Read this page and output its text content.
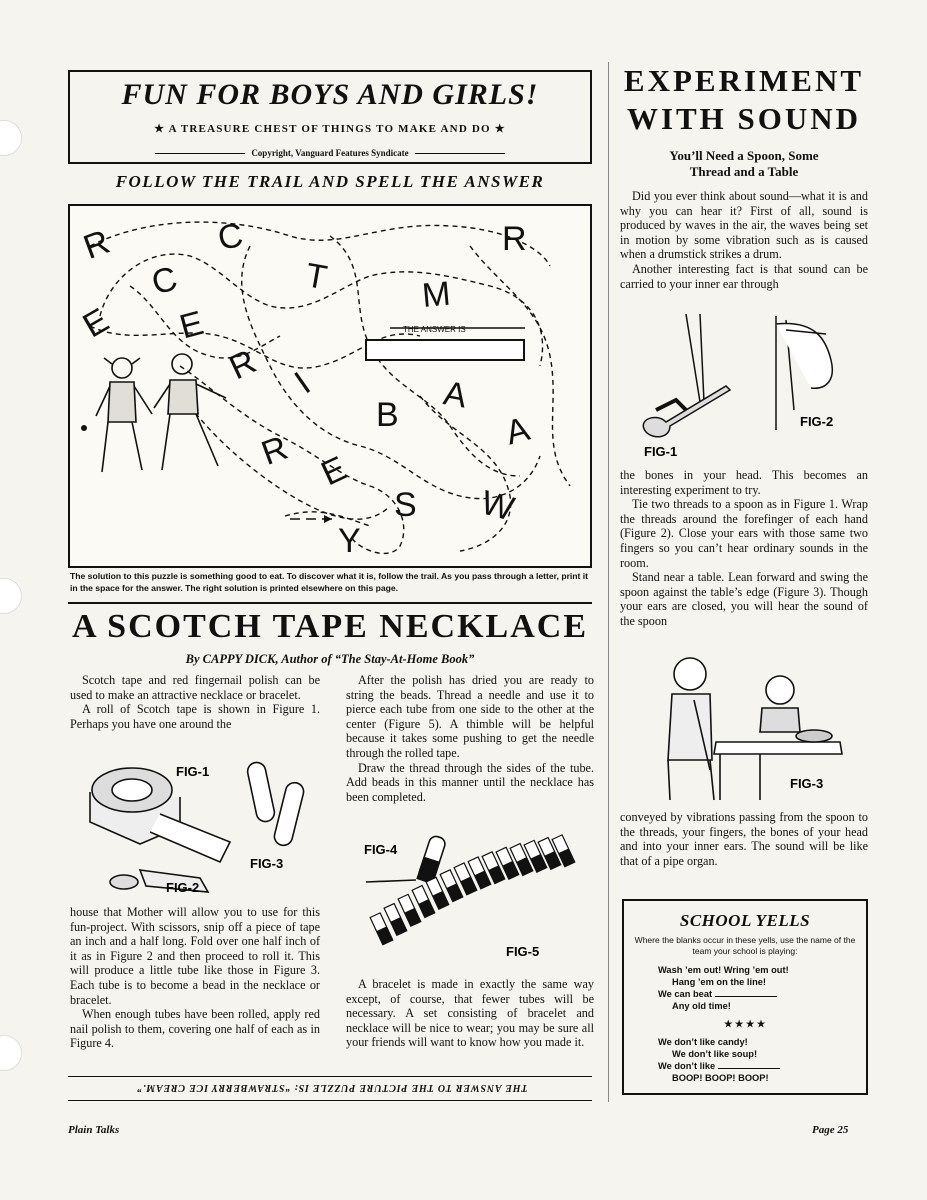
FUN FOR BOYS AND GIRLS!
★ A TREASURE CHEST OF THINGS TO MAKE AND DO ★
Copyright, Vanguard Features Syndicate
FOLLOW THE TRAIL AND SPELL THE ANSWER
THE ANSWER IS
R	C	R
C
E
T	M
E
R I
B A
A
R E
S W
Y
The solution to this puzzle is something good to eat. To discover what it is, follow the trail. As you pass through a letter, print it in the space for the answer. The right solution is printed elsewhere on this page.
A SCOTCH TAPE NECKLACE
By CAPPY DICK, Author of “The Stay-At-Home Book”

Scotch tape and red fingernail polish can be used to make an attractive necklace or bracelet.

A roll of Scotch tape is shown in Figure 1. Perhaps you have one around the

FIG-1
FIG-3
FIG-2

house that Mother will allow you to use for this fun-project. With scissors, snip off a piece of tape an inch and a half long. Fold over one half inch of it as in Figure 2 and then proceed to roll it. This will produce a little tube like those in Figure 3. Each tube is to become a bead in the necklace or bracelet.

When enough tubes have been rolled, apply red nail polish to them, covering one half of each as in Figure 4.

After the polish has dried you are ready to string the beads. Thread a needle and use it to pierce each tube from one side to the other at the center (Figure 5). A thimble will be helpful because it takes some pushing to get the needle through the rolled tape.

Draw the thread through the sides of the tube. Add beads in this manner until the necklace has been completed.

FIG-4
FIG-5

A bracelet is made in exactly the same way except, of course, that fewer tubes will be necessary. A set consisting of bracelet and necklace will be nice to wear; you may be sure all your friends will want to know how you made it.

THE ANSWER TO THE PICTURE PUZZLE IS: “STRAWBERRY ICE CREAM.”
EXPERIMENT
WITH SOUND
You’ll Need a Spoon, Some
Thread and a Table

Did you ever think about sound—what it is and why you can hear it? First of all, sound is produced by waves in the air, the waves being set in motion by some vibration such as is caused when a drumstick strikes a drum.

Another interesting fact is that sound can be carried to your inner ear through

FIG-1
FIG-2

the bones in your head. This becomes an interesting experiment to try.

Tie two threads to a spoon as in Figure 1. Wrap the threads around the forefinger of each hand (Figure 2). Close your ears with those same two fingers so you can’t hear ordinary sounds in the room.

Stand near a table. Lean forward and swing the spoon against the table’s edge (Figure 3). Though your ears are closed, you will hear the sound of the spoon

FIG-3

conveyed by vibrations passing from the spoon to the threads, your fingers, the bones of your head and into your inner ears. The sound will be like that of a pipe organ.

SCHOOL YELLS
Where the blanks occur in these yells, use the name of the team your school is playing:
Wash ’em out! Wring ’em out!
Hang ’em on the line!
We can beat
Any old time!
★ ★ ★ ★
We don’t like candy!
We don’t like soup!
We don’t like
BOOP! BOOP! BOOP!
Plain Talks	Page 25
